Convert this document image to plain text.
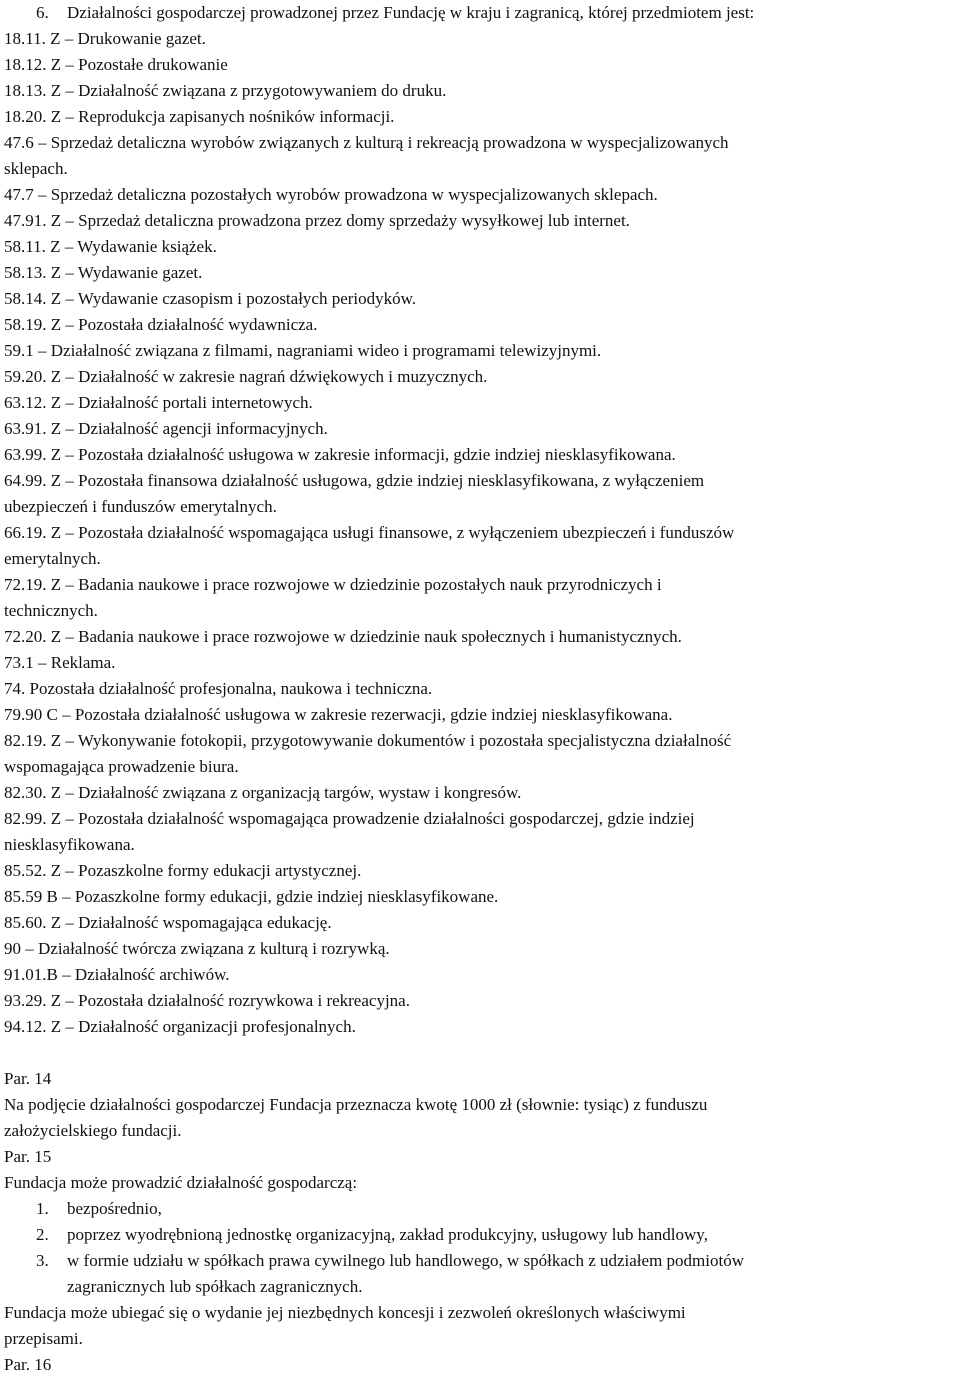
6. Działalności gospodarczej prowadzonej przez Fundację w kraju i zagranicą, której przedmiotem jest:
18.11. Z – Drukowanie gazet.
18.12. Z – Pozostałe drukowanie
18.13. Z – Działalność związana z przygotowywaniem do druku.
18.20. Z – Reprodukcja zapisanych nośników informacji.
47.6 – Sprzedaż detaliczna wyrobów związanych z kulturą i rekreacją prowadzona w wyspecjalizowanych
sklepach.
47.7 – Sprzedaż detaliczna pozostałych wyrobów prowadzona w wyspecjalizowanych sklepach.
47.91. Z – Sprzedaż detaliczna prowadzona przez domy sprzedaży wysyłkowej lub internet.
58.11. Z – Wydawanie książek.
58.13. Z – Wydawanie gazet.
58.14. Z – Wydawanie czasopism i pozostałych periodyków.
58.19. Z – Pozostała działalność wydawnicza.
59.1 – Działalność związana z filmami, nagraniami wideo i programami telewizyjnymi.
59.20. Z – Działalność w zakresie nagrań dźwiękowych i muzycznych.
63.12. Z – Działalność portali internetowych.
63.91. Z – Działalność agencji informacyjnych.
63.99. Z – Pozostała działalność usługowa w zakresie informacji, gdzie indziej niesklasyfikowana.
64.99. Z – Pozostała finansowa działalność usługowa, gdzie indziej niesklasyfikowana, z wyłączeniem
ubezpieczeń i funduszów emerytalnych.
66.19. Z – Pozostała działalność wspomagająca usługi finansowe, z wyłączeniem ubezpieczeń i funduszów
emerytalnych.
72.19. Z – Badania naukowe i prace rozwojowe w dziedzinie pozostałych nauk przyrodniczych i
technicznych.
72.20. Z – Badania naukowe i prace rozwojowe w dziedzinie nauk społecznych i humanistycznych.
73.1 – Reklama.
74. Pozostała działalność profesjonalna, naukowa i techniczna.
79.90 C – Pozostała działalność usługowa w zakresie rezerwacji, gdzie indziej niesklasyfikowana.
82.19. Z – Wykonywanie fotokopii, przygotowywanie dokumentów i pozostała specjalistyczna działalność
wspomagająca prowadzenie biura.
82.30. Z – Działalność związana z organizacją targów, wystaw i kongresów.
82.99. Z – Pozostała działalność wspomagająca prowadzenie działalności gospodarczej, gdzie indziej
niesklasyfikowana.
85.52. Z – Pozaszkolne formy edukacji artystycznej.
85.59 B – Pozaszkolne formy edukacji, gdzie indziej niesklasyfikowane.
85.60. Z – Działalność wspomagająca edukację.
90 – Działalność twórcza związana z kulturą i rozrywką.
91.01.B – Działalność archiwów.
93.29. Z – Pozostała działalność rozrywkowa i rekreacyjna.
94.12. Z – Działalność organizacji profesjonalnych.
Par. 14
Na podjęcie działalności gospodarczej Fundacja przeznacza kwotę 1000 zł (słownie: tysiąc) z funduszu
założycielskiego fundacji.
Par. 15
Fundacja może prowadzić działalność gospodarczą:
1. bezpośrednio,
2. poprzez wyodrębnioną jednostkę organizacyjną, zakład produkcyjny, usługowy lub handlowy,
3. w formie udziału w spółkach prawa cywilnego lub handlowego, w spółkach z udziałem podmiotów
zagranicznych lub spółkach zagranicznych.
Fundacja może ubiegać się o wydanie jej niezbędnych koncesji i zezwoleń określonych właściwymi
przepisami.
Par. 16
